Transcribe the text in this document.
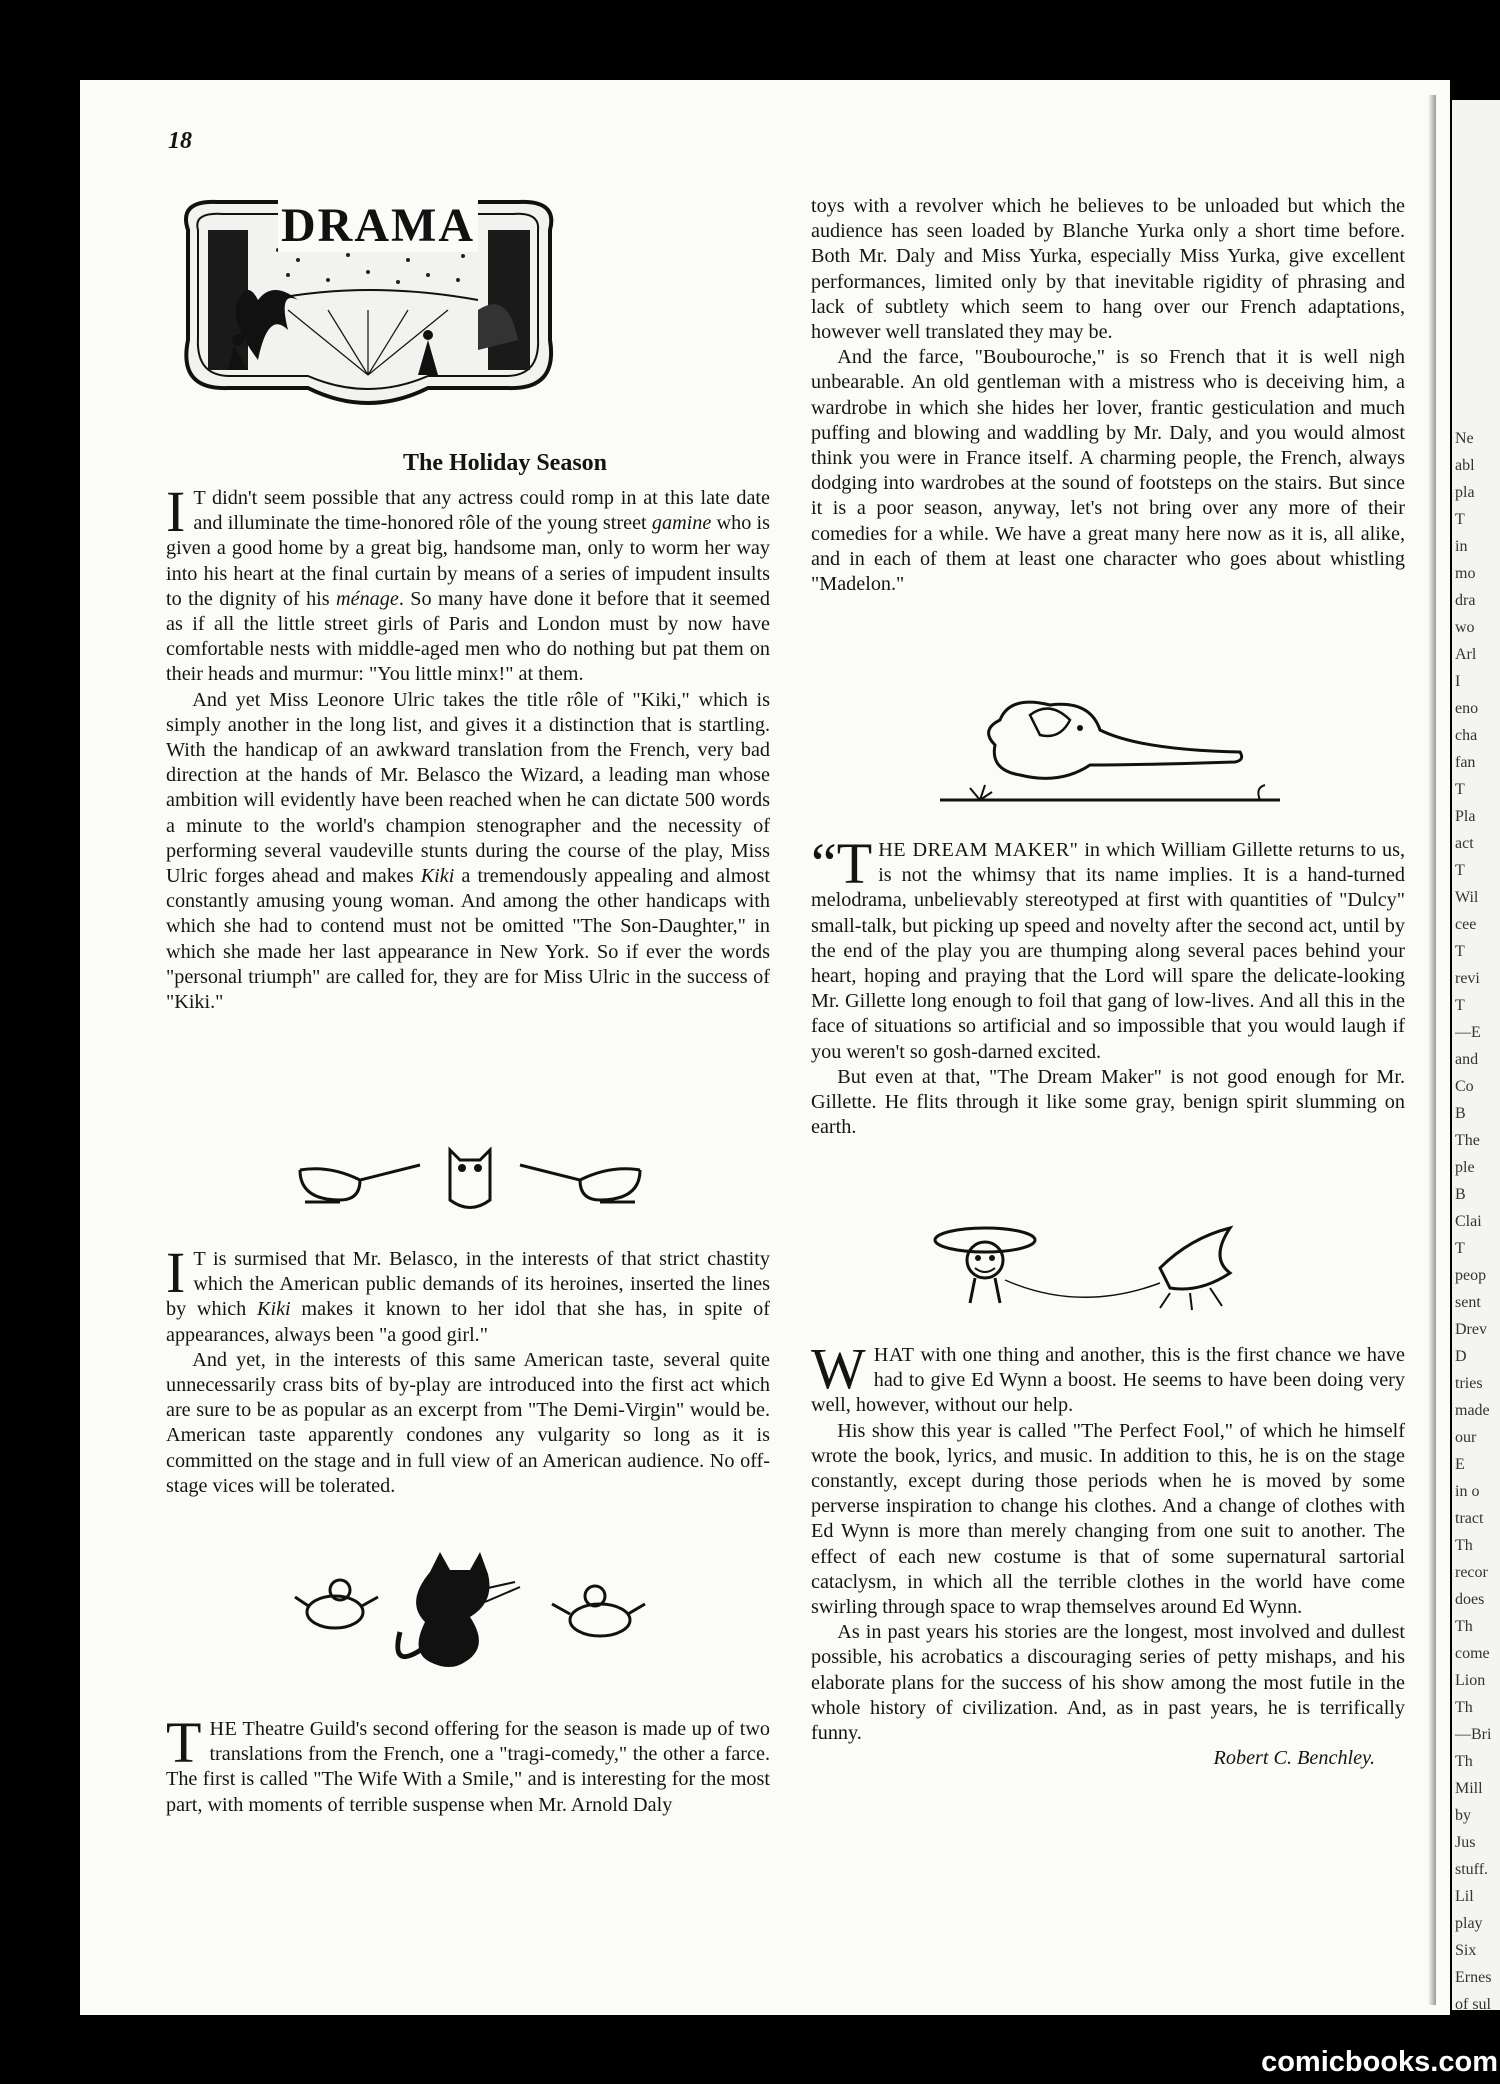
Ne
abl
pla
T
in
mo
dra
wo
Arl
I
eno
cha
fan
T
Pla
act
T
Wil
cee
T
revi
T
—E
and
Co
B
The
ple
B
Clai
T
peop
sent
Drev
D
tries
made
our
E
in o
tract
Th
recor
does
Th
come
Lion
Th
—Bri
Th
Mill
by
Jus
stuff.
Lil
play
Six
Ernes
of sul
18
DRAMA
The Holiday Season

I T didn't seem possible that any actress could romp in at this late date and illuminate the time-honored rôle of the young street gamine who is given a good home by a great big, handsome man, only to worm her way into his heart at the final curtain by means of a series of impudent insults to the dignity of his ménage. So many have done it before that it seemed as if all the little street girls of Paris and London must by now have comfortable nests with middle-aged men who do nothing but pat them on their heads and murmur: "You little minx!" at them.

And yet Miss Leonore Ulric takes the title rôle of "Kiki," which is simply another in the long list, and gives it a distinction that is startling. With the handicap of an awkward translation from the French, very bad direction at the hands of Mr. Belasco the Wizard, a leading man whose ambition will evidently have been reached when he can dictate 500 words a minute to the world's champion stenographer and the necessity of performing several vaudeville stunts during the course of the play, Miss Ulric forges ahead and makes Kiki a tremendously appealing and almost constantly amusing young woman. And among the other handicaps with which she had to contend must not be omitted "The Son-Daughter," in which she made her last appearance in New York. So if ever the words "personal triumph" are called for, they are for Miss Ulric in the success of "Kiki."

I T is surmised that Mr. Belasco, in the interests of that strict chastity which the American public demands of its heroines, inserted the lines by which Kiki makes it known to her idol that she has, in spite of appearances, always been "a good girl."

And yet, in the interests of this same American taste, several quite unnecessarily crass bits of by-play are introduced into the first act which are sure to be as popular as an excerpt from "The Demi-Virgin" would be. American taste apparently condones any vulgarity so long as it is committed on the stage and in full view of an American audience. No off-stage vices will be tolerated.

THE Theatre Guild's second offering for the season is made up of two translations from the French, one a "tragi-comedy," the other a farce. The first is called "The Wife With a Smile," and is interesting for the most part, with moments of terrible suspense when Mr. Arnold Daly

toys with a revolver which he believes to be unloaded but which the audience has seen loaded by Blanche Yurka only a short time before. Both Mr. Daly and Miss Yurka, especially Miss Yurka, give excellent performances, limited only by that inevitable rigidity of phrasing and lack of subtlety which seem to hang over our French adaptations, however well translated they may be.

And the farce, "Boubouroche," is so French that it is well nigh unbearable. An old gentleman with a mistress who is deceiving him, a wardrobe in which she hides her lover, frantic gesticulation and much puffing and blowing and waddling by Mr. Daly, and you would almost think you were in France itself. A charming people, the French, always dodging into wardrobes at the sound of footsteps on the stairs. But since it is a poor season, anyway, let's not bring over any more of their comedies for a while. We have a great many here now as it is, all alike, and in each of them at least one character who goes about whistling "Madelon."

“T HE DREAM MAKER" in which William Gillette returns to us, is not the whimsy that its name implies. It is a hand-turned melodrama, unbelievably stereotyped at first with quantities of "Dulcy" small-talk, but picking up speed and novelty after the second act, until by the end of the play you are thumping along several paces behind your heart, hoping and praying that the Lord will spare the delicate-looking Mr. Gillette long enough to foil that gang of low-lives. And all this in the face of situations so artificial and so impossible that you would laugh if you weren't so gosh-darned excited.

But even at that, "The Dream Maker" is not good enough for Mr. Gillette. He flits through it like some gray, benign spirit slumming on earth.

WHAT with one thing and another, this is the first chance we have had to give Ed Wynn a boost. He seems to have been doing very well, however, without our help.

His show this year is called "The Perfect Fool," of which he himself wrote the book, lyrics, and music. In addition to this, he is on the stage constantly, except during those periods when he is moved by some perverse inspiration to change his clothes. And a change of clothes with Ed Wynn is more than merely changing from one suit to another. The effect of each new costume is that of some supernatural sartorial cataclysm, in which all the terrible clothes in the world have come swirling through space to wrap themselves around Ed Wynn.

As in past years his stories are the longest, most involved and dullest possible, his acrobatics a discouraging series of petty mishaps, and his elaborate plans for the success of his show among the most futile in the whole history of civilization. And, as in past years, he is terrifically funny.

Robert C. Benchley.

comicbooks.com
